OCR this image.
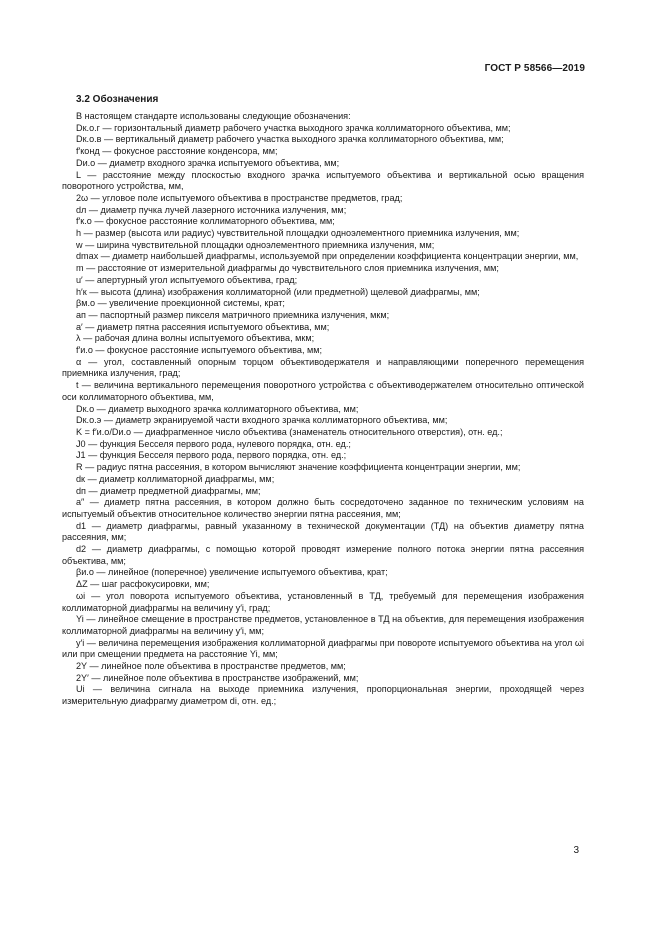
ГОСТ Р 58566—2019
3.2 Обозначения

В настоящем стандарте использованы следующие обозначения:

Dк.о.г — горизонтальный диаметр рабочего участка выходного зрачка коллиматорного объектива, мм;

Dк.о.в — вертикальный диаметр рабочего участка выходного зрачка коллиматорного объектива, мм;

f′конд — фокусное расстояние конденсора, мм;

Dи.о — диаметр входного зрачка испытуемого объектива, мм;

L — расстояние между плоскостью входного зрачка испытуемого объектива и вертикальной осью вращения поворотного устройства, мм,

2ω — угловое поле испытуемого объектива в пространстве предметов, град;

dл — диаметр пучка лучей лазерного источника излучения, мм;

f′к.о — фокусное расстояние коллиматорного объектива, мм;

h — размер (высота или радиус) чувствительной площадки одноэлементного приемника излучения, мм;

w — ширина чувствительной площадки одноэлементного приемника излучения, мм;

dmax — диаметр наибольшей диафрагмы, используемой при определении коэффициента концентрации энергии, мм,

m — расстояние от измерительной диафрагмы до чувствительного слоя приемника излучения, мм;

u′ — апертурный угол испытуемого объектива, град;

h′к — высота (длина) изображения коллиматорной (или предметной) щелевой диафрагмы, мм;

βм.о — увеличение проекционной системы, крат;

aп — паспортный размер пикселя матричного приемника излучения, мкм;

a′ — диаметр пятна рассеяния испытуемого объектива, мм;

λ — рабочая длина волны испытуемого объектива, мкм;

f′и.о — фокусное расстояние испытуемого объектива, мм;

α — угол, составленный опорным торцом объективодержателя и направляющими поперечного перемещения приемника излучения, град;

t — величина вертикального перемещения поворотного устройства с объективодержателем относительно оптической оси коллиматорного объектива, мм,

Dк.о — диаметр выходного зрачка коллиматорного объектива, мм;

Dк.о.э — диаметр экранируемой части входного зрачка коллиматорного объектива, мм;

K = f′и.о/Dи.о — диафрагменное число объектива (знаменатель относительного отверстия), отн. ед.;

J0 — функция Бесселя первого рода, нулевого порядка, отн. ед.;

J1 — функция Бесселя первого рода, первого порядка, отн. ед.;

R — радиус пятна рассеяния, в котором вычисляют значение коэффициента концентрации энергии, мм;

dк — диаметр коллиматорной диафрагмы, мм;

dп — диаметр предметной диафрагмы, мм;

a″ — диаметр пятна рассеяния, в котором должно быть сосредоточено заданное по техническим условиям на испытуемый объектив относительное количество энергии пятна рассеяния, мм;

d1 — диаметр диафрагмы, равный указанному в технической документации (ТД) на объектив диаметру пятна рассеяния, мм;

d2 — диаметр диафрагмы, с помощью которой проводят измерение полного потока энергии пятна рассеяния объектива, мм;

βи.о — линейное (поперечное) увеличение испытуемого объектива, крат;

ΔZ — шаг расфокусировки, мм;

ωi — угол поворота испытуемого объектива, установленный в ТД, требуемый для перемещения изображения коллиматорной диафрагмы на величину y′i, град;

Yi — линейное смещение в пространстве предметов, установленное в ТД на объектив, для перемещения изображения коллиматорной диафрагмы на величину y′i, мм;

y′i — величина перемещения изображения коллиматорной диафрагмы при повороте испытуемого объектива на угол ωi или при смещении предмета на расстояние Yi, мм;

2Y — линейное поле объектива в пространстве предметов, мм;

2Y′ — линейное поле объектива в пространстве изображений, мм;

Ui — величина сигнала на выходе приемника излучения, пропорциональная энергии, проходящей через измерительную диафрагму диаметром di, отн. ед.;

3
